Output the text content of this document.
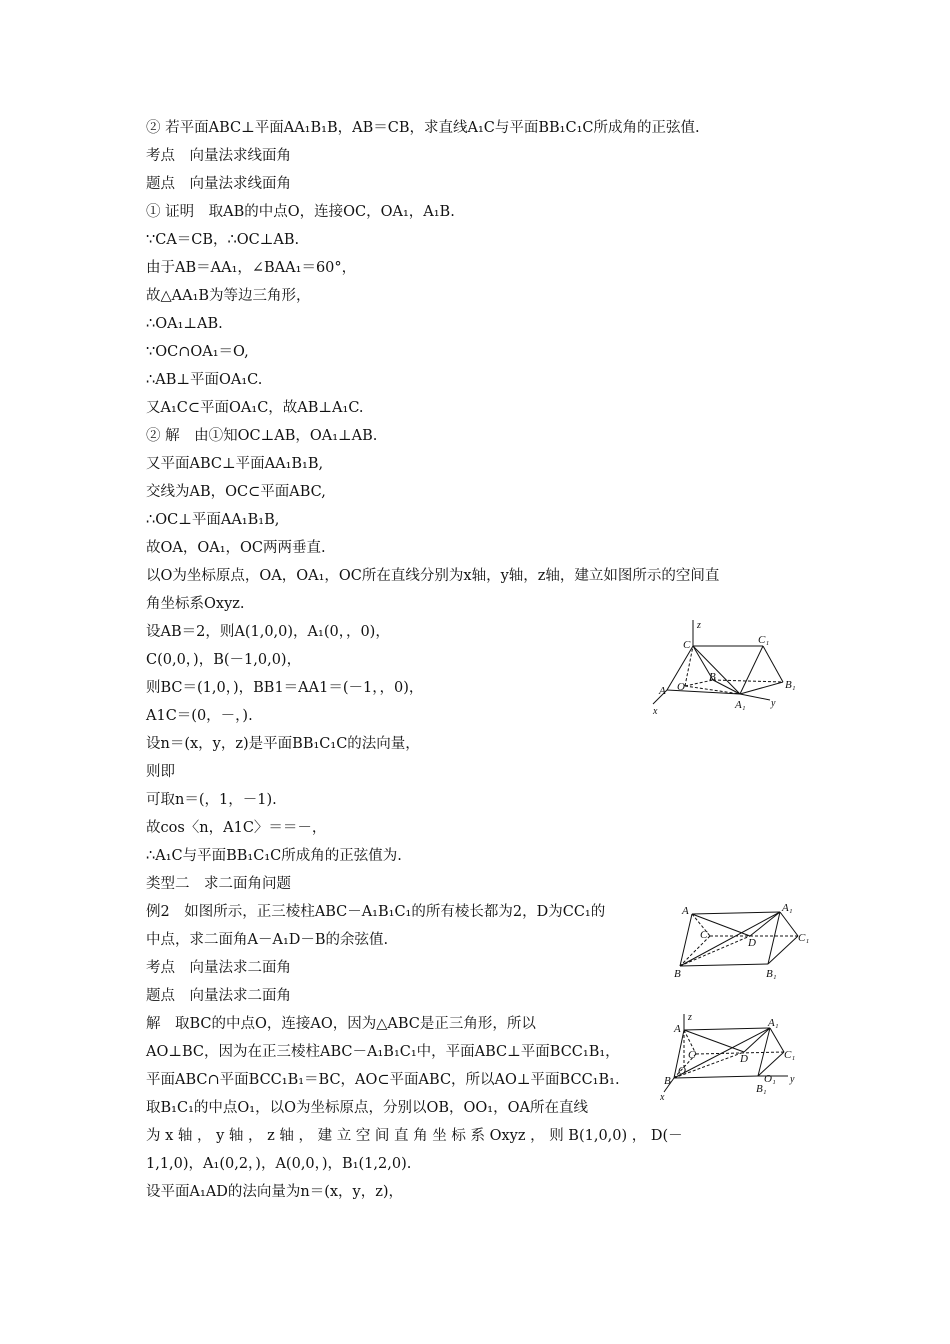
② 若平面ABC⊥平面AA₁B₁B，AB＝CB，求直线A₁C与平面BB₁C₁C所成角的正弦值.
考点　向量法求线面角
题点　向量法求线面角
① 证明　取AB的中点O，连接OC，OA₁，A₁B.
∵CA＝CB，∴OC⊥AB.
由于AB＝AA₁，∠BAA₁＝60°，
故△AA₁B为等边三角形，
∴OA₁⊥AB.
∵OC∩OA₁＝O,
∴AB⊥平面OA₁C.
又A₁C⊂平面OA₁C，故AB⊥A₁C.
② 解　由①知OC⊥AB，OA₁⊥AB.
又平面ABC⊥平面AA₁B₁B,
交线为AB，OC⊂平面ABC,
∴OC⊥平面AA₁B₁B,
故OA，OA₁，OC两两垂直.
以O为坐标原点，OA，OA₁，OC所在直线分别为x轴，y轴，z轴，建立如图所示的空间直
角坐标系Oxyz.
设AB＝2，则A(1,0,0)，A₁(0，，0)，
C(0,0，)，B(－1,0,0)，
则BC＝(1,0，)，BB1＝AA1＝(－1，，0)，
A1C＝(0，－，).
设n＝(x，y，z)是平面BB₁C₁C的法向量，
则即
可取n＝(，1，－1).
故cos〈n，A1C〉＝＝－，
∴A₁C与平面BB₁C₁C所成角的正弦值为.
类型二　求二面角问题
例2　如图所示，正三棱柱ABC－A₁B₁C₁的所有棱长都为2，D为CC₁的
中点，求二面角A－A₁D－B的余弦值.
考点　向量法求二面角
题点　向量法求二面角
解　取BC的中点O，连接AO，因为△ABC是正三角形，所以
AO⊥BC，因为在正三棱柱ABC－A₁B₁C₁中，平面ABC⊥平面BCC₁B₁，
平面ABC∩平面BCC₁B₁＝BC，AO⊂平面ABC，所以AO⊥平面BCC₁B₁.
取B₁C₁的中点O₁，以O为坐标原点，分别以OB，OO₁，OA所在直线
为 x 轴 ， y 轴 ， z 轴 ， 建 立 空 间 直 角 坐 标 系 Oxyz ， 则 B(1,0,0) ， D(－
1,1,0)，A₁(0,2，)，A(0,0，)，B₁(1,2,0).
设平面A₁AD的法向量为n＝(x，y，z)，
z
C	C₁
B
B₁
A O
A₁
x
y
A	A₁
C	C₁
D
B	B₁
z
A	A₁
C	D	C₁
B
O
O₁
B₁
x
y
